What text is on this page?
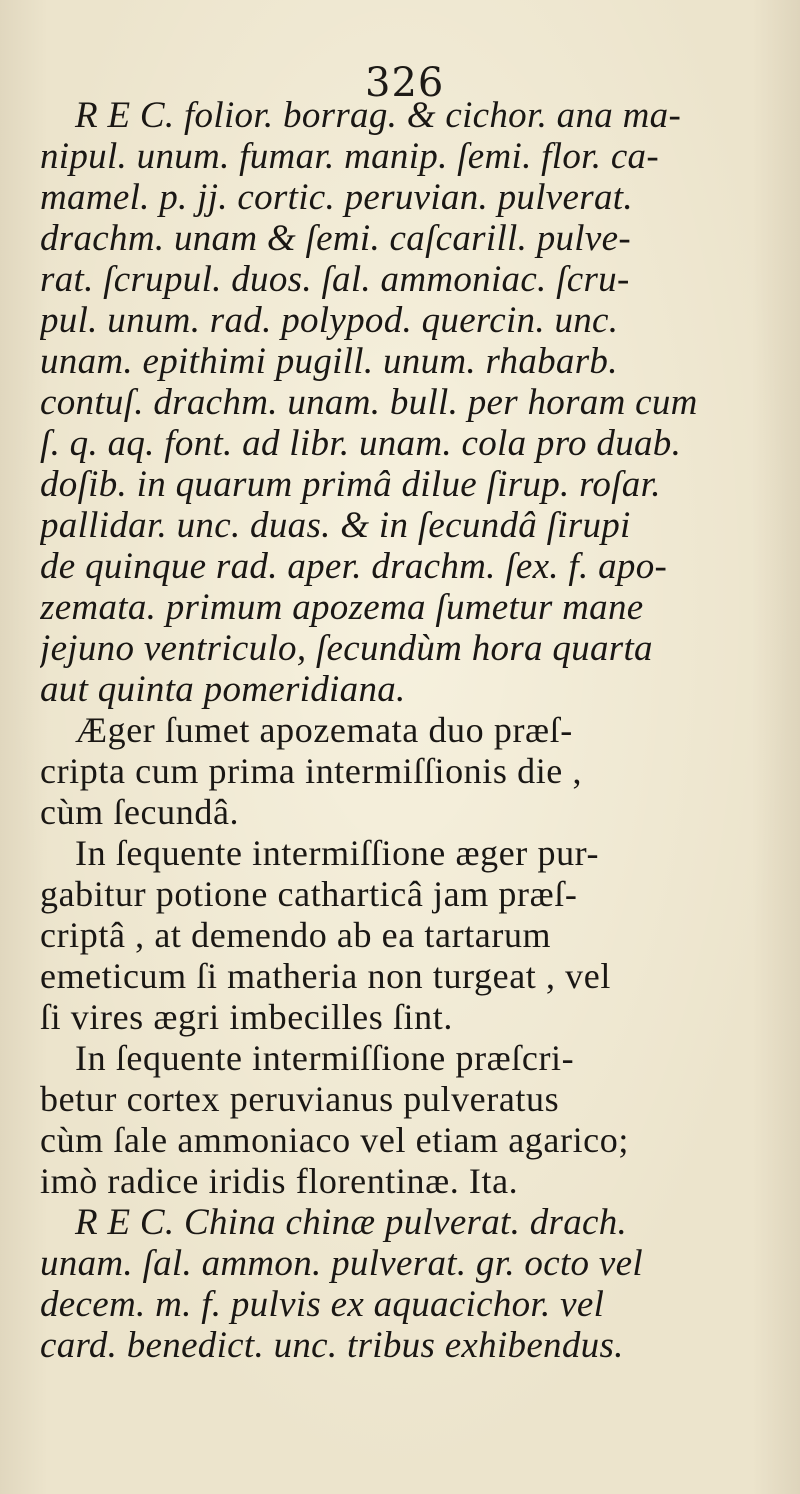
326
R E C. folior. borrag. & cichor. ana ma-
nipul. unum. fumar. manip. ſemi. flor. ca-
mamel. p. jj. cortic. peruvian. pulverat.
drachm. unam & ſemi. caſcarill. pulve-
rat. ſcrupul. duos. ſal. ammoniac. ſcru-
pul. unum. rad. polypod. quercin. unc.
unam. epithimi pugill. unum. rhabarb.
contuſ. drachm. unam. bull. per horam cum
ſ. q. aq. font. ad libr. unam. cola pro duab.
doſib. in quarum primâ dilue ſirup. roſar.
pallidar. unc. duas. & in ſecundâ ſirupi
de quinque rad. aper. drachm. ſex. f. apo-
zemata. primum apozema ſumetur mane
jejuno ventriculo, ſecundùm hora quarta
aut quinta pomeridiana.
Æger ſumet apozemata duo præſ-
cripta cum prima intermiſſionis die ,
cùm ſecundâ.
In ſequente intermiſſione æger pur-
gabitur potione catharticâ jam præſ-
criptâ , at demendo ab ea tartarum
emeticum ſi matheria non turgeat , vel
ſi vires ægri imbecilles ſint.
In ſequente intermiſſione præſcri-
betur cortex peruvianus pulveratus
cùm ſale ammoniaco vel etiam agarico;
imò radice iridis florentinæ. Ita.
R E C. China chinæ pulverat. drach.
unam. ſal. ammon. pulverat. gr. octo vel
decem. m. f. pulvis ex aquacichor. vel
card. benedict. unc. tribus exhibendus.
